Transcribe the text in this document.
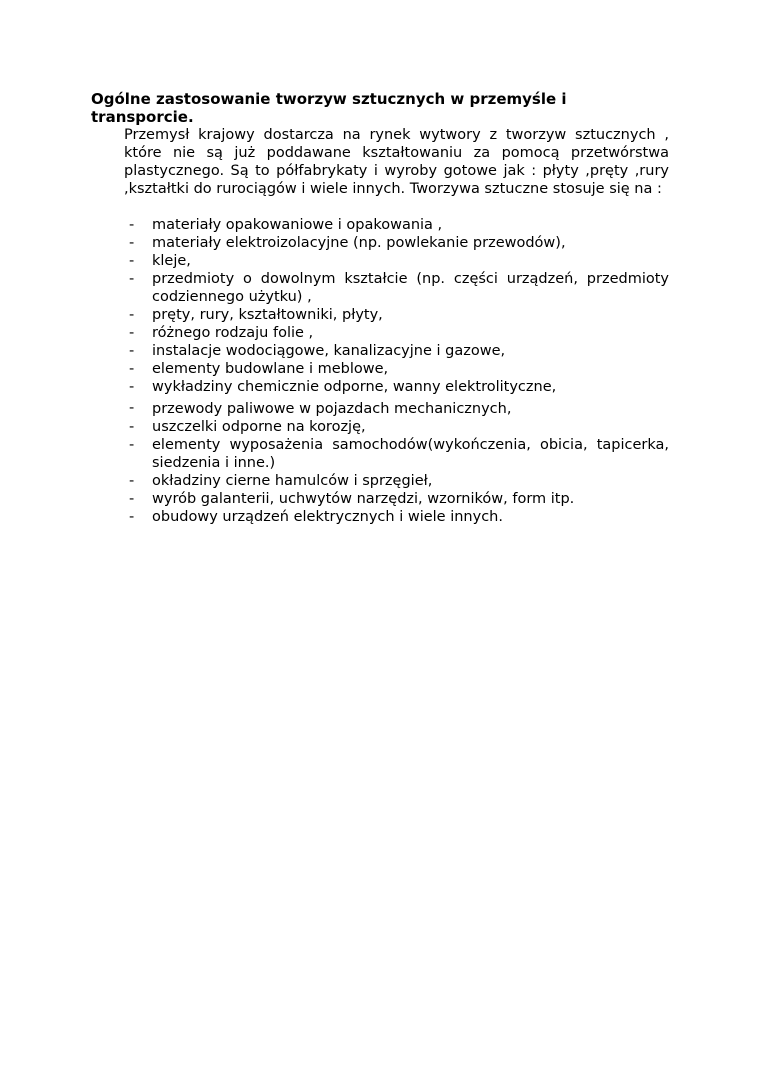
Ogólne zastosowanie tworzyw sztucznych w przemyśle i transporcie.

Przemysł krajowy dostarcza na rynek wytwory z tworzyw sztucznych , które nie są już poddawane kształtowaniu za pomocą przetwórstwa plastycznego. Są to półfabrykaty i wyroby gotowe jak : płyty ,pręty ,rury ,kształtki do rurociągów i wiele innych. Tworzywa sztuczne stosuje się na :

- materiały opakowaniowe i opakowania ,
- materiały elektroizolacyjne (np. powlekanie przewodów),
- kleje,
- przedmioty o dowolnym kształcie (np. części urządzeń, przedmioty codziennego użytku) ,
- pręty, rury, kształtowniki, płyty,
- różnego rodzaju folie ,
- instalacje wodociągowe, kanalizacyjne i gazowe,
- elementy budowlane i meblowe,
- wykładziny chemicznie odporne, wanny elektrolityczne,
- przewody paliwowe w pojazdach mechanicznych,
- uszczelki odporne na korozję,
- elementy wyposażenia samochodów(wykończenia, obicia, tapicerka, siedzenia i inne.)
- okładziny cierne hamulców i sprzęgieł,
- wyrób galanterii, uchwytów narzędzi, wzorników, form itp.
- obudowy urządzeń elektrycznych i wiele innych.
